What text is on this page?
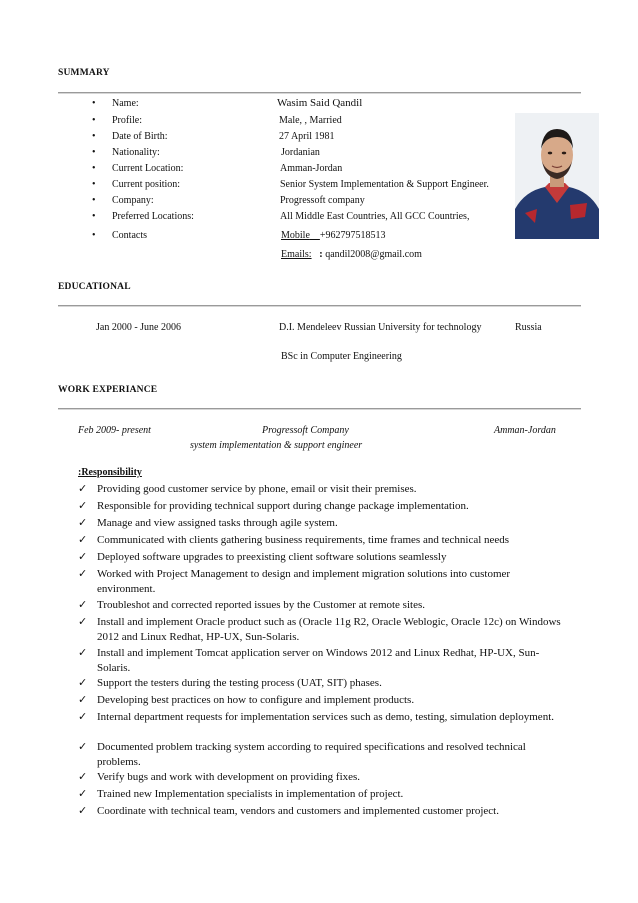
SUMMARY
• Name:	Wasim Said Qandil
• Profile:	Male, , Married
• Date of Birth:	27 April 1981
• Nationality:	Jordanian
• Current Location:	Amman-Jordan
• Current position:	Senior System Implementation & Support Engineer.
• Company:	Progressoft company
• Preferred Locations:	All Middle East Countries, All GCC Countries,
• Contacts	Mobile +962797518513
Emails: : qandil2008@gmail.com
EDUCATIONAL
Jan 2000 - June 2006	D.I. Mendeleev Russian University for technology	Russia
BSc in Computer Engineering
WORK EXPERIANCE
Feb 2009- present	Progressoft Company	Amman-Jordan
system implementation & support engineer
:Responsibility
✓ Providing good customer service by phone, email or visit their premises.
✓ Responsible for providing technical support during change package implementation.
✓ Manage and view assigned tasks through agile system.
✓ Communicated with clients gathering business requirements, time frames and technical needs
✓ Deployed software upgrades to preexisting client software solutions seamlessly
✓ Worked with Project Management to design and implement migration solutions into customer environment.
✓ Troubleshot and corrected reported issues by the Customer at remote sites.
✓ Install and implement Oracle product such as (Oracle 11g R2, Oracle Weblogic, Oracle 12c) on Windows 2012 and Linux Redhat, HP-UX, Sun-Solaris.
✓ Install and implement Tomcat application server on Windows 2012 and Linux Redhat, HP-UX, Sun-Solaris.
✓ Support the testers during the testing process (UAT, SIT) phases.
✓ Developing best practices on how to configure and implement products.
✓ Internal department requests for implementation services such as demo, testing, simulation deployment.
✓ Documented problem tracking system according to required specifications and resolved technical problems.
✓ Verify bugs and work with development on providing fixes.
✓ Trained new Implementation specialists in implementation of project.
✓ Coordinate with technical team, vendors and customers and implemented customer project.
